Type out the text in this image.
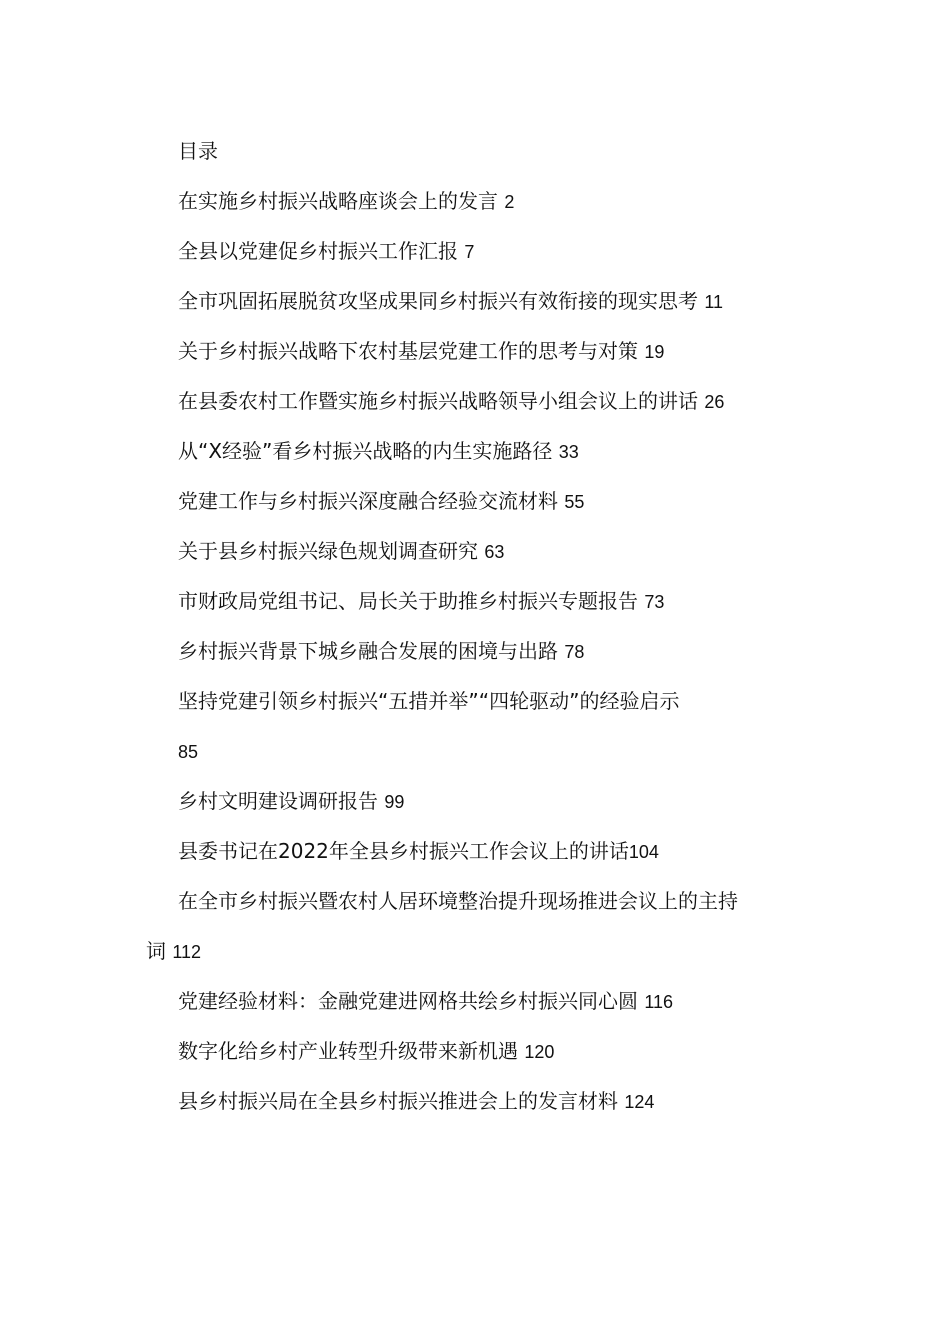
目录
在实施乡村振兴战略座谈会上的发言 2
全县以党建促乡村振兴工作汇报 7
全市巩固拓展脱贫攻坚成果同乡村振兴有效衔接的现实思考 11
关于乡村振兴战略下农村基层党建工作的思考与对策 19
在县委农村工作暨实施乡村振兴战略领导小组会议上的讲话 26
从“X经验”看乡村振兴战略的内生实施路径 33
党建工作与乡村振兴深度融合经验交流材料 55
关于县乡村振兴绿色规划调查研究 63
市财政局党组书记、局长关于助推乡村振兴专题报告 73
乡村振兴背景下城乡融合发展的困境与出路 78
坚持党建引领乡村振兴“五措并举”“四轮驱动”的经验启示
85
乡村文明建设调研报告 99
县委书记在2022年全县乡村振兴工作会议上的讲话104
在全市乡村振兴暨农村人居环境整治提升现场推进会议上的主持
词 112
党建经验材料：金融党建进网格共绘乡村振兴同心圆 116
数字化给乡村产业转型升级带来新机遇 120
县乡村振兴局在全县乡村振兴推进会上的发言材料 124
